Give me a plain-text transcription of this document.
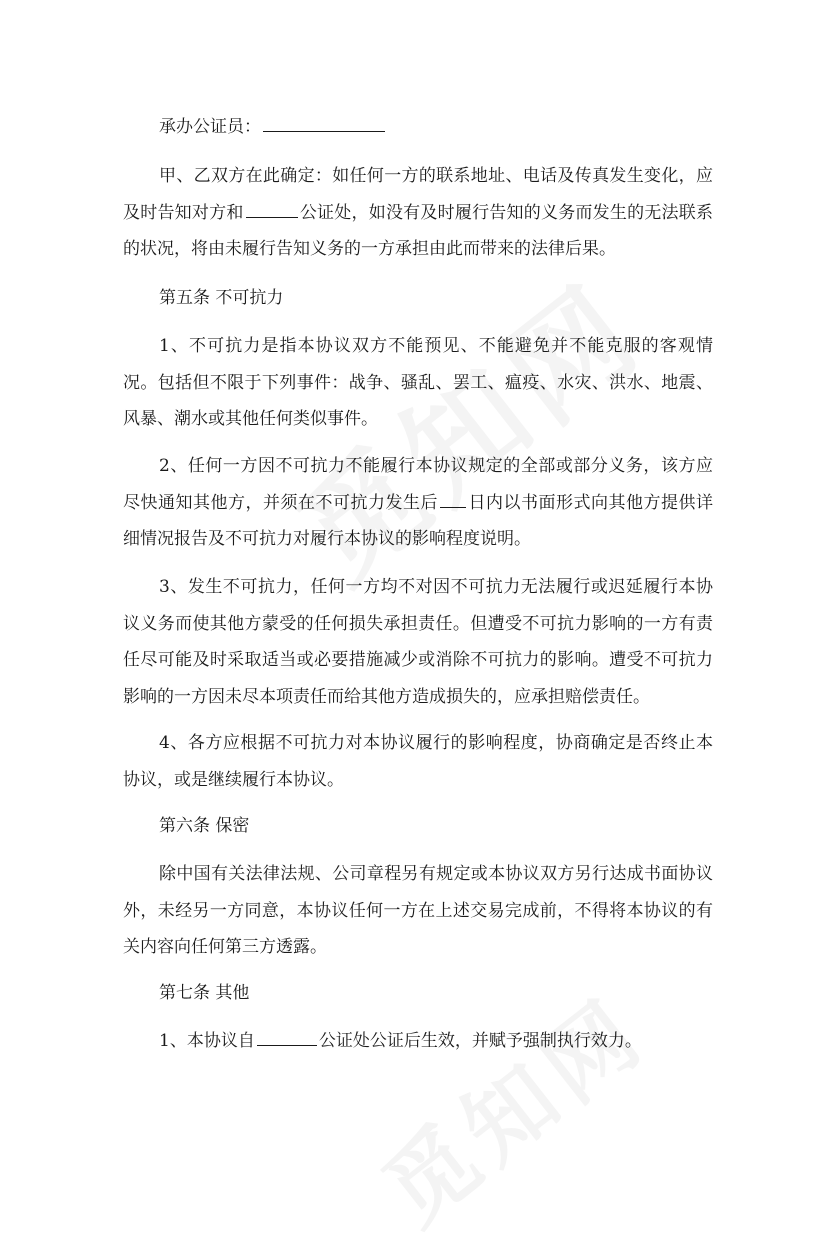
承办公证员：

甲、乙双方在此确定：如任何一方的联系地址、电话及传真发生变化，应及时告知对方和	公证处，如没有及时履行告知的义务而发生的无法联系的状况，将由未履行告知义务的一方承担由此而带来的法律后果。

第五条 不可抗力

1、不可抗力是指本协议双方不能预见、不能避免并不能克服的客观情况。包括但不限于下列事件：战争、骚乱、罢工、瘟疫、水灾、洪水、地震、风暴、潮水或其他任何类似事件。

2、任何一方因不可抗力不能履行本协议规定的全部或部分义务，该方应尽快通知其他方，并须在不可抗力发生后 日内以书面形式向其他方提供详细情况报告及不可抗力对履行本协议的影响程度说明。

3、发生不可抗力，任何一方均不对因不可抗力无法履行或迟延履行本协议义务而使其他方蒙受的任何损失承担责任。但遭受不可抗力影响的一方有责任尽可能及时采取适当或必要措施减少或消除不可抗力的影响。遭受不可抗力影响的一方因未尽本项责任而给其他方造成损失的，应承担赔偿责任。

4、各方应根据不可抗力对本协议履行的影响程度，协商确定是否终止本协议，或是继续履行本协议。

第六条 保密

除中国有关法律法规、公司章程另有规定或本协议双方另行达成书面协议外，未经另一方同意，本协议任何一方在上述交易完成前，不得将本协议的有关内容向任何第三方透露。

第七条 其他

1、本协议自	公证处公证后生效，并赋予强制执行效力。
